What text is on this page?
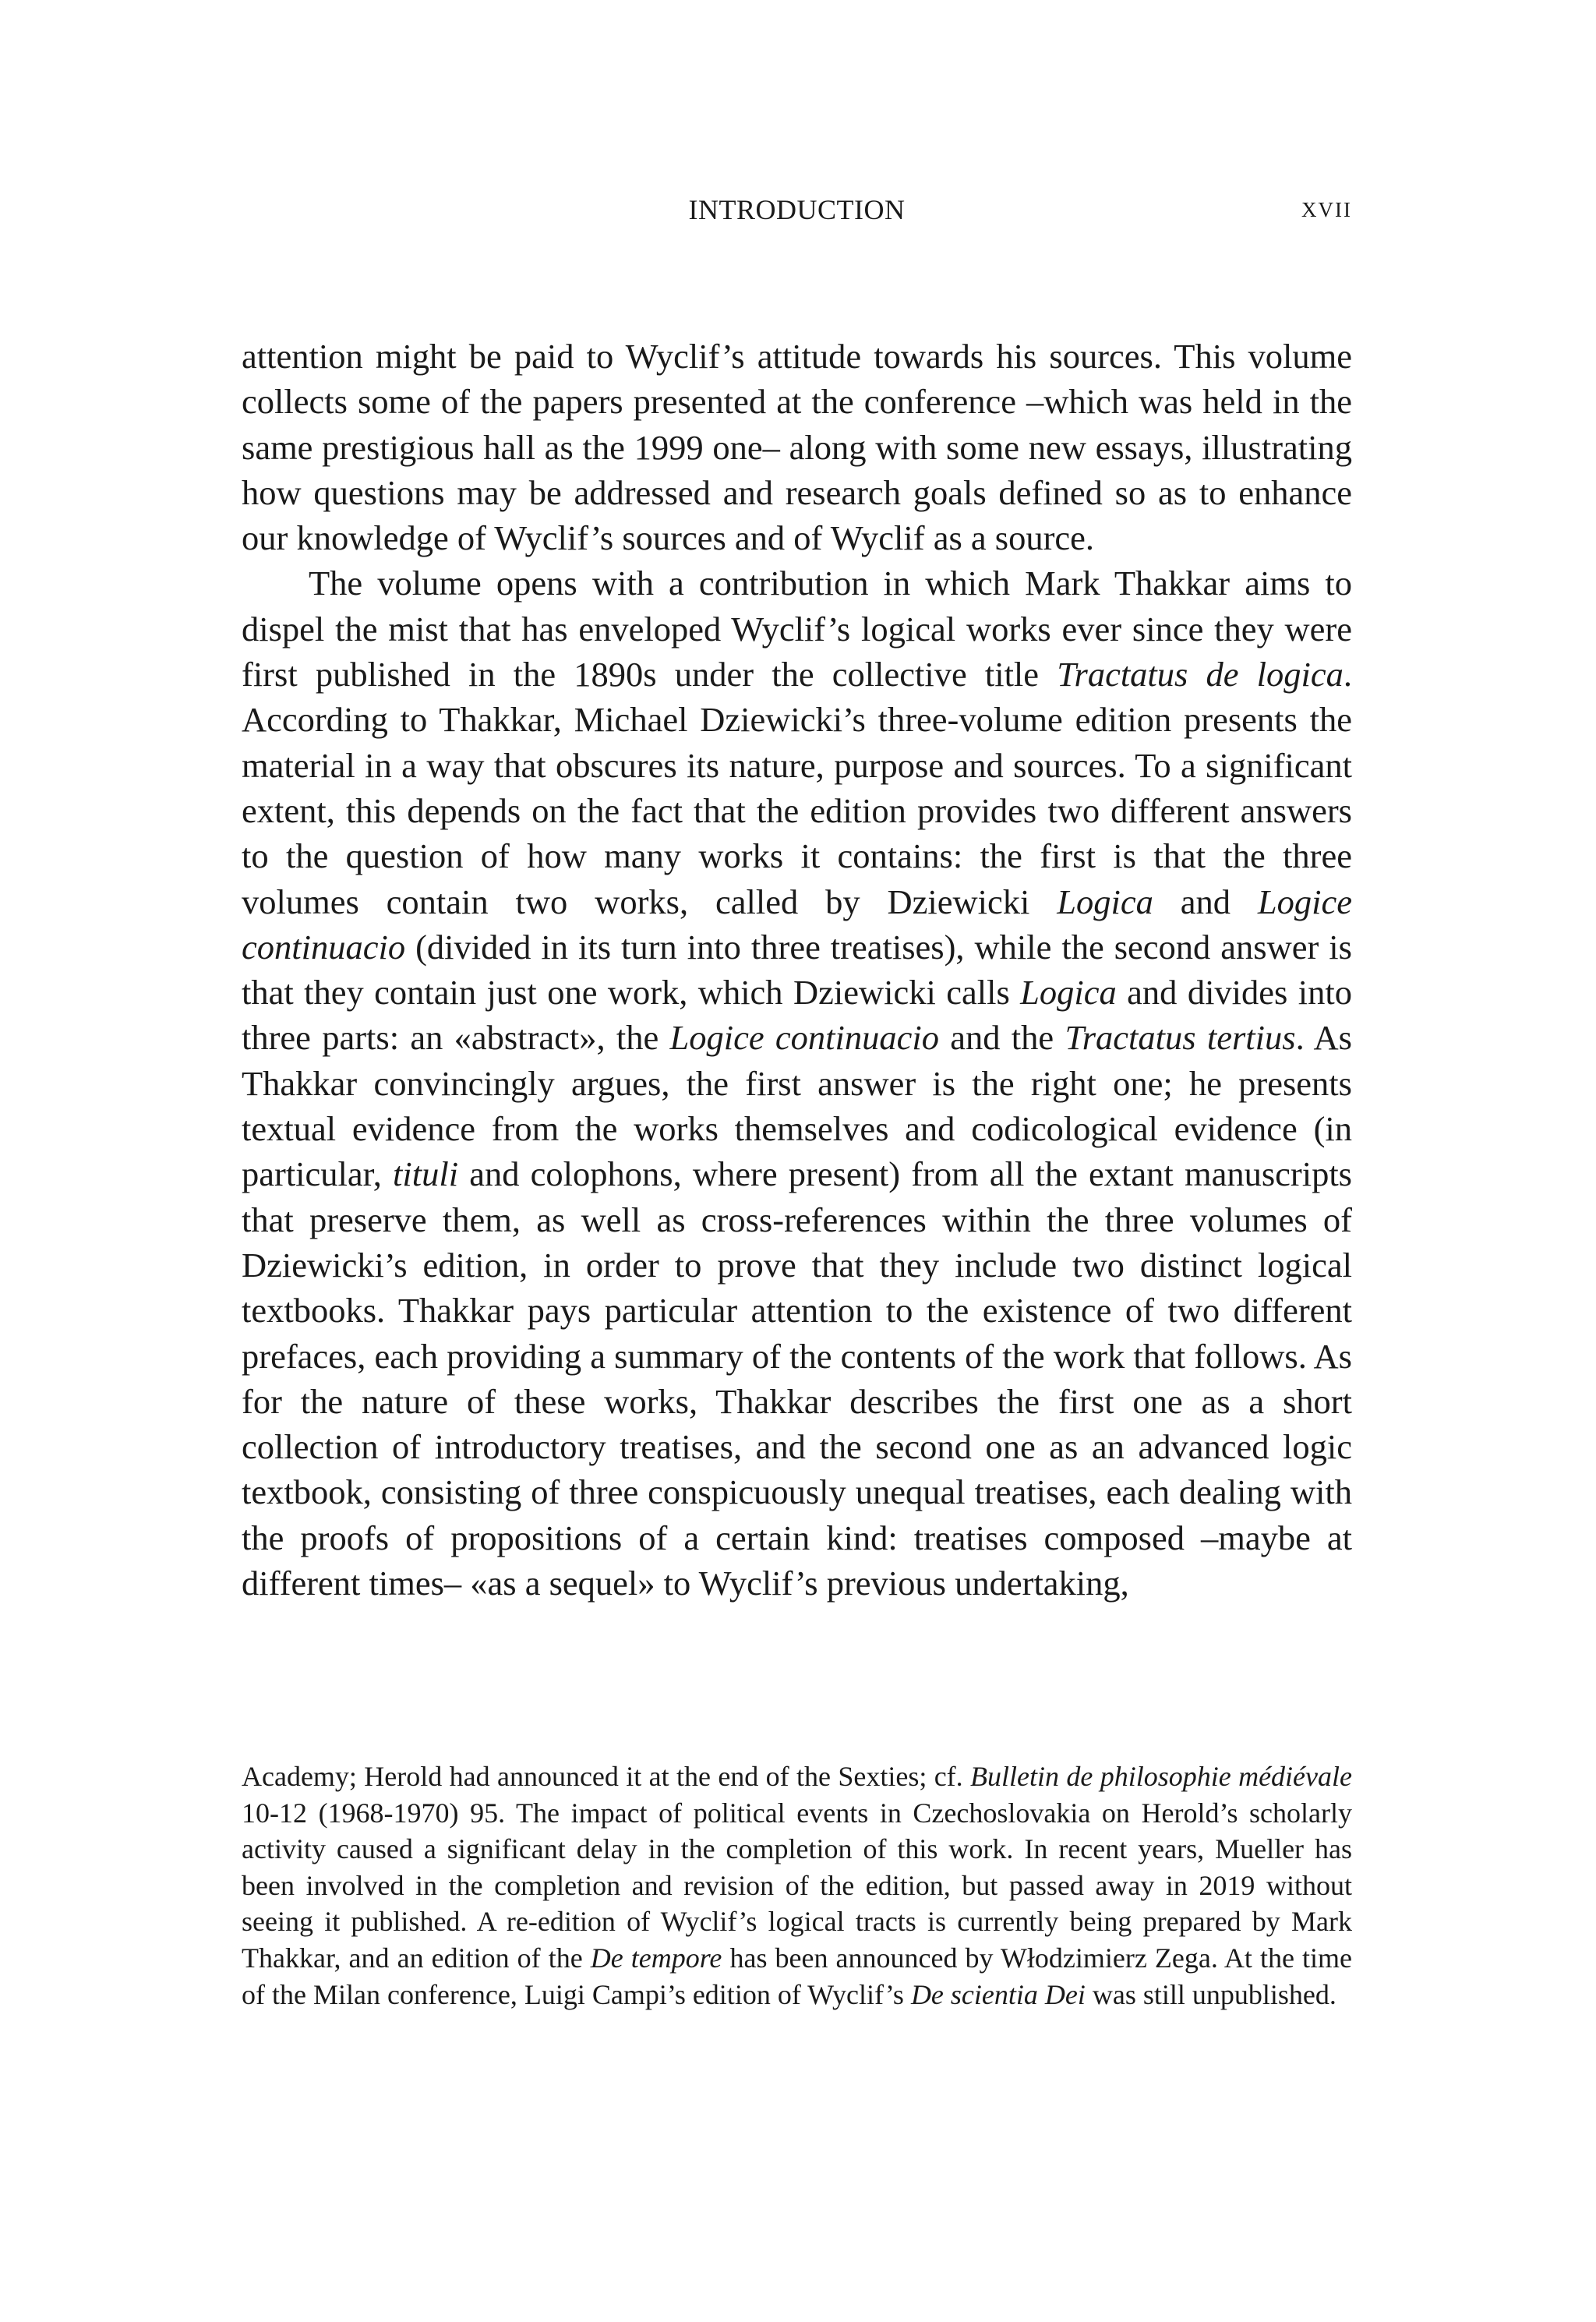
INTRODUCTION	XVII

attention might be paid to Wyclif’s attitude towards his sources. This volume collects some of the papers presented at the conference –which was held in the same prestigious hall as the 1999 one– along with some new essays, illustrating how questions may be addressed and research goals defined so as to enhance our knowledge of Wyclif’s sources and of Wyclif as a source.

The volume opens with a contribution in which Mark Thakkar aims to dispel the mist that has enveloped Wyclif’s logical works ever since they were first published in the 1890s under the collective title Tractatus de logica. According to Thakkar, Michael Dziewicki’s three-volume edition presents the material in a way that obscures its nature, purpose and sources. To a significant extent, this depends on the fact that the edition provides two different answers to the question of how many works it contains: the first is that the three volumes contain two works, called by Dziewicki Logica and Logice continuacio (divided in its turn into three treatises), while the second answer is that they contain just one work, which Dziewicki calls Logica and divides into three parts: an «abstract», the Logice continuacio and the Tractatus tertius. As Thakkar convincingly argues, the first answer is the right one; he presents textual evidence from the works themselves and codicological evidence (in particular, tituli and colophons, where present) from all the extant manuscripts that preserve them, as well as cross-references within the three volumes of Dziewicki’s edition, in order to prove that they include two distinct logical textbooks. Thakkar pays particular attention to the existence of two different prefaces, each providing a summary of the contents of the work that follows. As for the nature of these works, Thakkar describes the first one as a short collection of introductory treatises, and the second one as an advanced logic textbook, consisting of three conspicuously unequal treatises, each dealing with the proofs of propositions of a certain kind: treatises composed –maybe at different times– «as a sequel» to Wyclif’s previous undertaking,

Academy; Herold had announced it at the end of the Sexties; cf. Bulletin de philosophie médiévale 10-12 (1968-1970) 95. The impact of political events in Czechoslovakia on Herold’s scholarly activity caused a significant delay in the completion of this work. In recent years, Mueller has been involved in the completion and revision of the edition, but passed away in 2019 without seeing it published. A re-edition of Wyclif’s logical tracts is currently being prepared by Mark Thakkar, and an edition of the De tempore has been announced by Włodzimierz Zega. At the time of the Milan conference, Luigi Campi’s edition of Wyclif’s De scientia Dei was still unpublished.
